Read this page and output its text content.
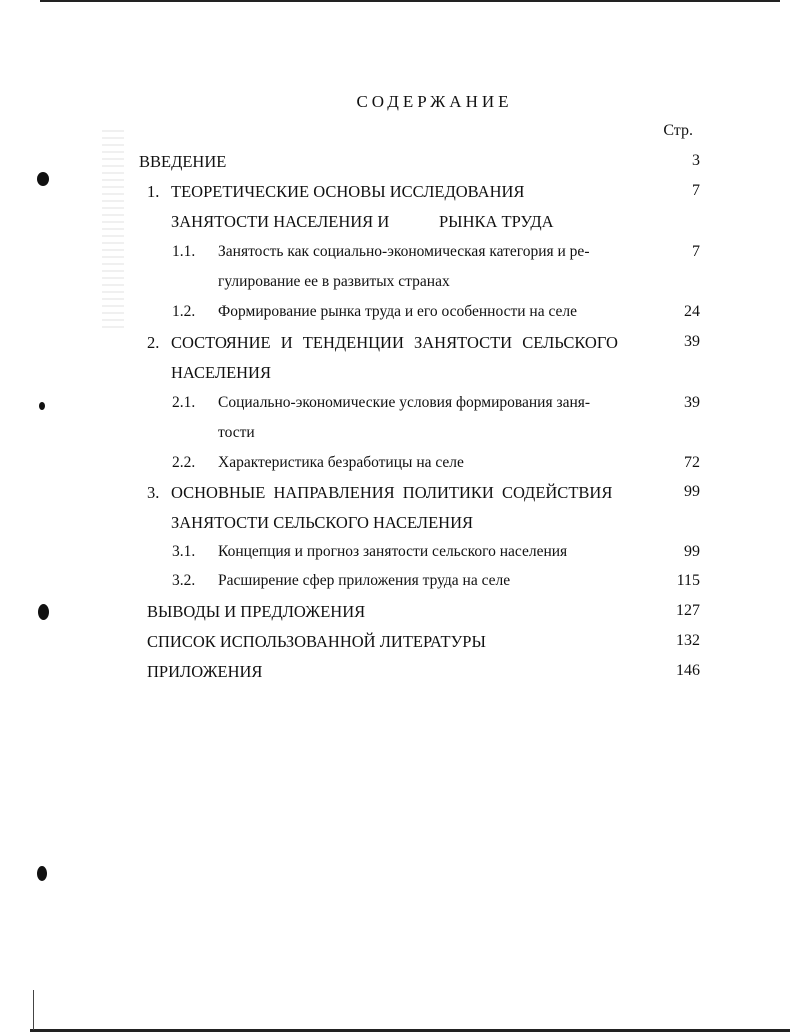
СОДЕРЖАНИЕ
Стр.
ВВЕДЕНИЕ	3
1. ТЕОРЕТИЧЕСКИЕ ОСНОВЫ ИССЛЕДОВАНИЯ	7
ЗАНЯТОСТИ НАСЕЛЕНИЯ И	РЫНКА ТРУДА
1.1. Занятость как социально-экономическая категория и ре-	7
гулирование ее в развитых странах
1.2. Формирование рынка труда и его особенности на селе	24
2. СОСТОЯНИЕ И ТЕНДЕНЦИИ ЗАНЯТОСТИ СЕЛЬСКОГО	39
НАСЕЛЕНИЯ
2.1. Социально-экономические условия формирования заня-	39
тости
2.2. Характеристика безработицы на селе	72
3. ОСНОВНЫЕ НАПРАВЛЕНИЯ ПОЛИТИКИ СОДЕЙСТВИЯ	99
ЗАНЯТОСТИ СЕЛЬСКОГО НАСЕЛЕНИЯ
3.1. Концепция и прогноз занятости сельского населения	99
3.2. Расширение сфер приложения труда на селе	115
ВЫВОДЫ И ПРЕДЛОЖЕНИЯ	127
СПИСОК ИСПОЛЬЗОВАННОЙ ЛИТЕРАТУРЫ	132
ПРИЛОЖЕНИЯ	146
